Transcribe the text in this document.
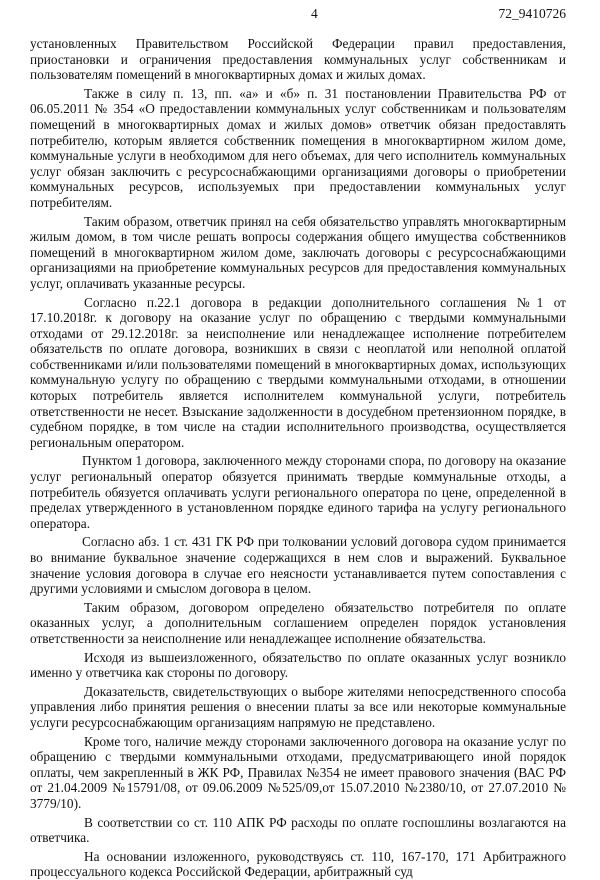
4	72_9410726

установленных Правительством Российской Федерации правил предоставления, приостановки и ограничения предоставления коммунальных услуг собственникам и пользователям помещений в многоквартирных домах и жилых домах.

Также в силу п. 13, пп. «а» и «б» п. 31 постановлении Правительства РФ от 06.05.2011 № 354 «О предоставлении коммунальных услуг собственникам и пользователям помещений в многоквартирных домах и жилых домов» ответчик обязан предоставлять потребителю, которым является собственник помещения в многоквартирном жилом доме, коммунальные услуги в необходимом для него объемах, для чего исполнитель коммунальных услуг обязан заключить с ресурсоснабжающими организациями договоры о приобретении коммунальных ресурсов, используемых при предоставлении коммунальных услуг потребителям.

Таким образом, ответчик принял на себя обязательство управлять многоквартирным жилым домом, в том числе решать вопросы содержания общего имущества собственников помещений в многоквартирном жилом доме, заключать договоры с ресурсоснабжающими организациями на приобретение коммунальных ресурсов для предоставления коммунальных услуг, оплачивать указанные ресурсы.

Согласно п.22.1 договора в редакции дополнительного соглашения №1 от 17.10.2018г. к договору на оказание услуг по обращению с твердыми коммунальными отходами от 29.12.2018г. за неисполнение или ненадлежащее исполнение потребителем обязательств по оплате договора, возникших в связи с неоплатой или неполной оплатой собственниками и/или пользователями помещений в многоквартирных домах, использующих коммунальную услугу по обращению с твердыми коммунальными отходами, в отношении которых потребитель является исполнителем коммунальной услуги, потребитель ответственности не несет. Взыскание задолженности в досудебном претензионном порядке, в судебном порядке, в том числе на стадии исполнительного производства, осуществляется региональным оператором.

Пунктом 1 договора, заключенного между сторонами спора, по договору на оказание услуг региональный оператор обязуется принимать твердые коммунальные отходы, а потребитель обязуется оплачивать услуги регионального оператора по цене, определенной в пределах утвержденного в установленном порядке единого тарифа на услугу регионального оператора.

Согласно абз. 1 ст. 431 ГК РФ при толковании условий договора судом принимается во внимание буквальное значение содержащихся в нем слов и выражений. Буквальное значение условия договора в случае его неясности устанавливается путем сопоставления с другими условиями и смыслом договора в целом.

Таким образом, договором определено обязательство потребителя по оплате оказанных услуг, а дополнительным соглашением определен порядок установления ответственности за неисполнение или ненадлежащее исполнение обязательства.

Исходя из вышеизложенного, обязательство по оплате оказанных услуг возникло именно у ответчика как стороны по договору.

Доказательств, свидетельствующих о выборе жителями непосредственного способа управления либо принятия решения о внесении платы за все или некоторые коммунальные услуги ресурсоснабжающим организациям напрямую не представлено.

Кроме того, наличие между сторонами заключенного договора на оказание услуг по обращению с твердыми коммунальными отходами, предусматривающего иной порядок оплаты, чем закрепленный в ЖК РФ, Правилах №354 не имеет правового значения (ВАС РФ от 21.04.2009 №15791/08, от 09.06.2009 №525/09,от 15.07.2010 №2380/10, от 27.07.2010 № 3779/10).

В соответствии со ст. 110 АПК РФ расходы по оплате госпошлины возлагаются на ответчика.

На основании изложенного, руководствуясь ст. 110, 167-170, 171 Арбитражного процессуального кодекса Российской Федерации, арбитражный суд
